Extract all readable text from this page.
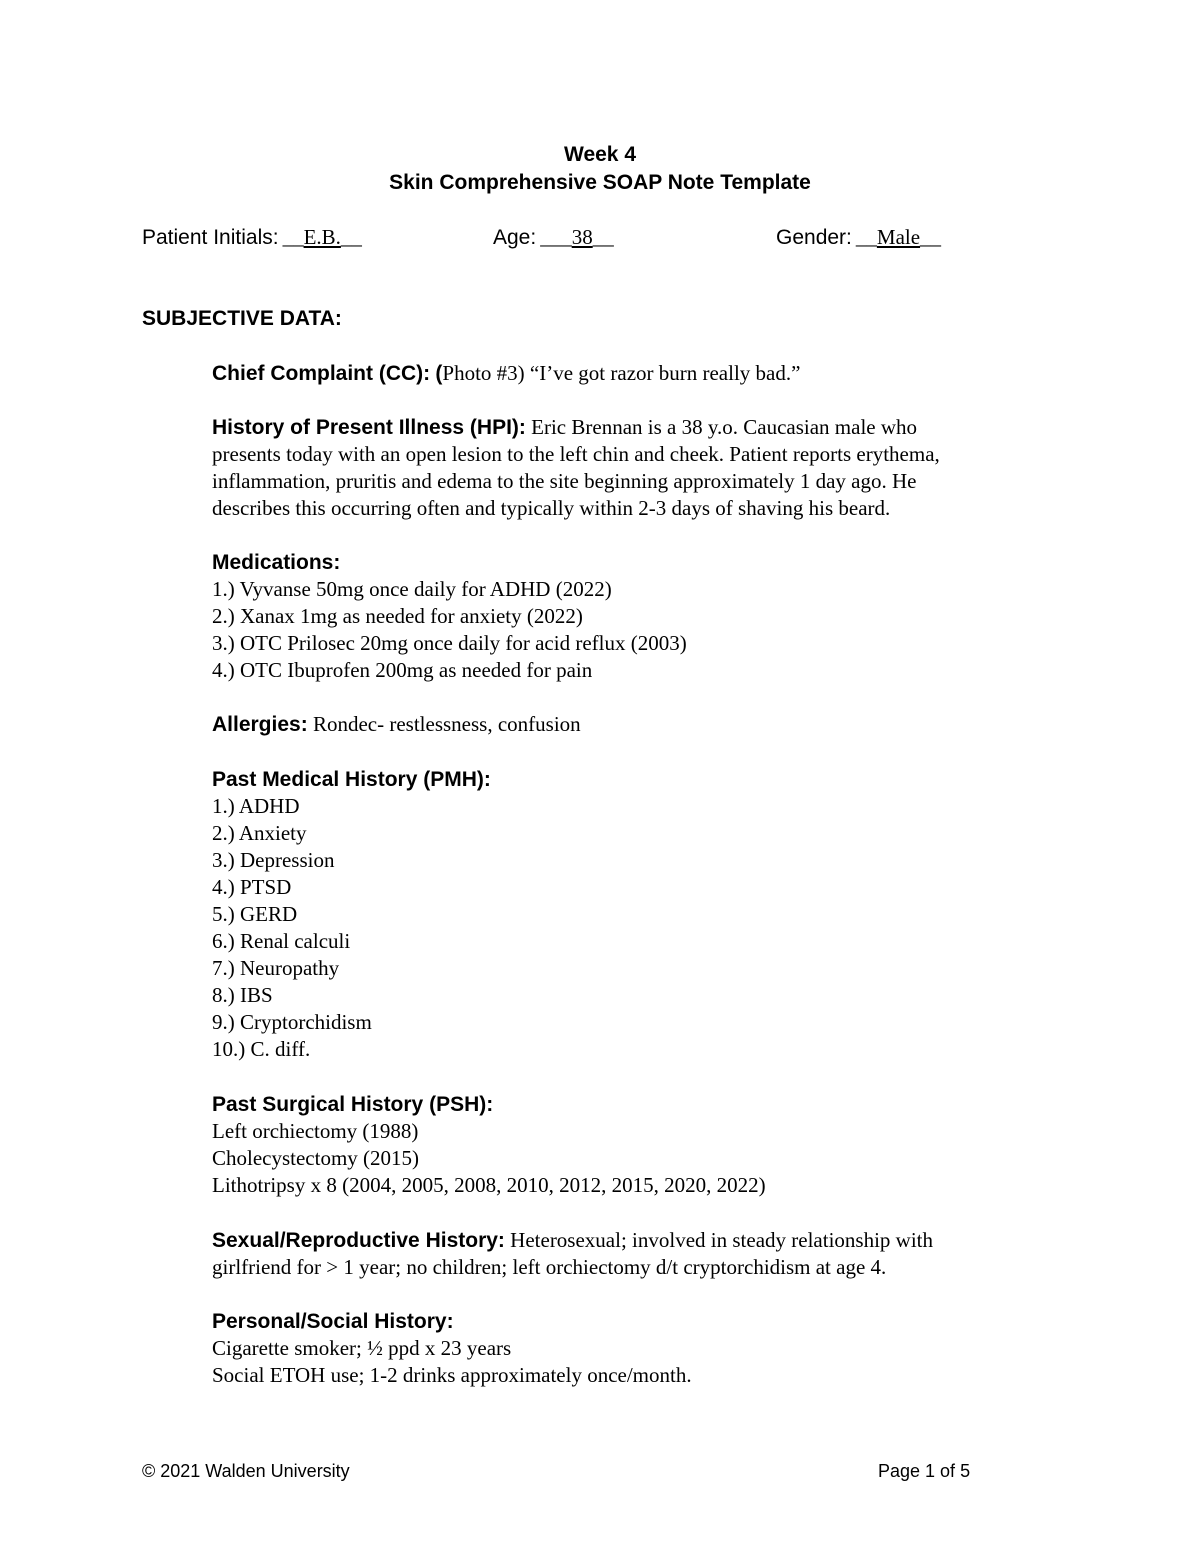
Week 4
Skin Comprehensive SOAP Note Template
Patient Initials: __E.B.__	Age: ___38__	Gender: __Male__
SUBJECTIVE DATA:
Chief Complaint (CC): (Photo #3) “I’ve got razor burn really bad.”
History of Present Illness (HPI): Eric Brennan is a 38 y.o. Caucasian male who
presents today with an open lesion to the left chin and cheek. Patient reports erythema,
inflammation, pruritis and edema to the site beginning approximately 1 day ago. He
describes this occurring often and typically within 2-3 days of shaving his beard.
Medications:
1.) Vyvanse 50mg once daily for ADHD (2022)
2.) Xanax 1mg as needed for anxiety (2022)
3.) OTC Prilosec 20mg once daily for acid reflux (2003)
4.) OTC Ibuprofen 200mg as needed for pain
Allergies: Rondec- restlessness, confusion
Past Medical History (PMH):
1.) ADHD
2.) Anxiety
3.) Depression
4.) PTSD
5.) GERD
6.) Renal calculi
7.) Neuropathy
8.) IBS
9.) Cryptorchidism
10.) C. diff.
Past Surgical History (PSH):
Left orchiectomy (1988)
Cholecystectomy (2015)
Lithotripsy x 8 (2004, 2005, 2008, 2010, 2012, 2015, 2020, 2022)
Sexual/Reproductive History: Heterosexual; involved in steady relationship with
girlfriend for > 1 year; no children; left orchiectomy d/t cryptorchidism at age 4.
Personal/Social History:
Cigarette smoker; ½ ppd x 23 years
Social ETOH use; 1-2 drinks approximately once/month.
© 2021 Walden University	Page 1 of 5
